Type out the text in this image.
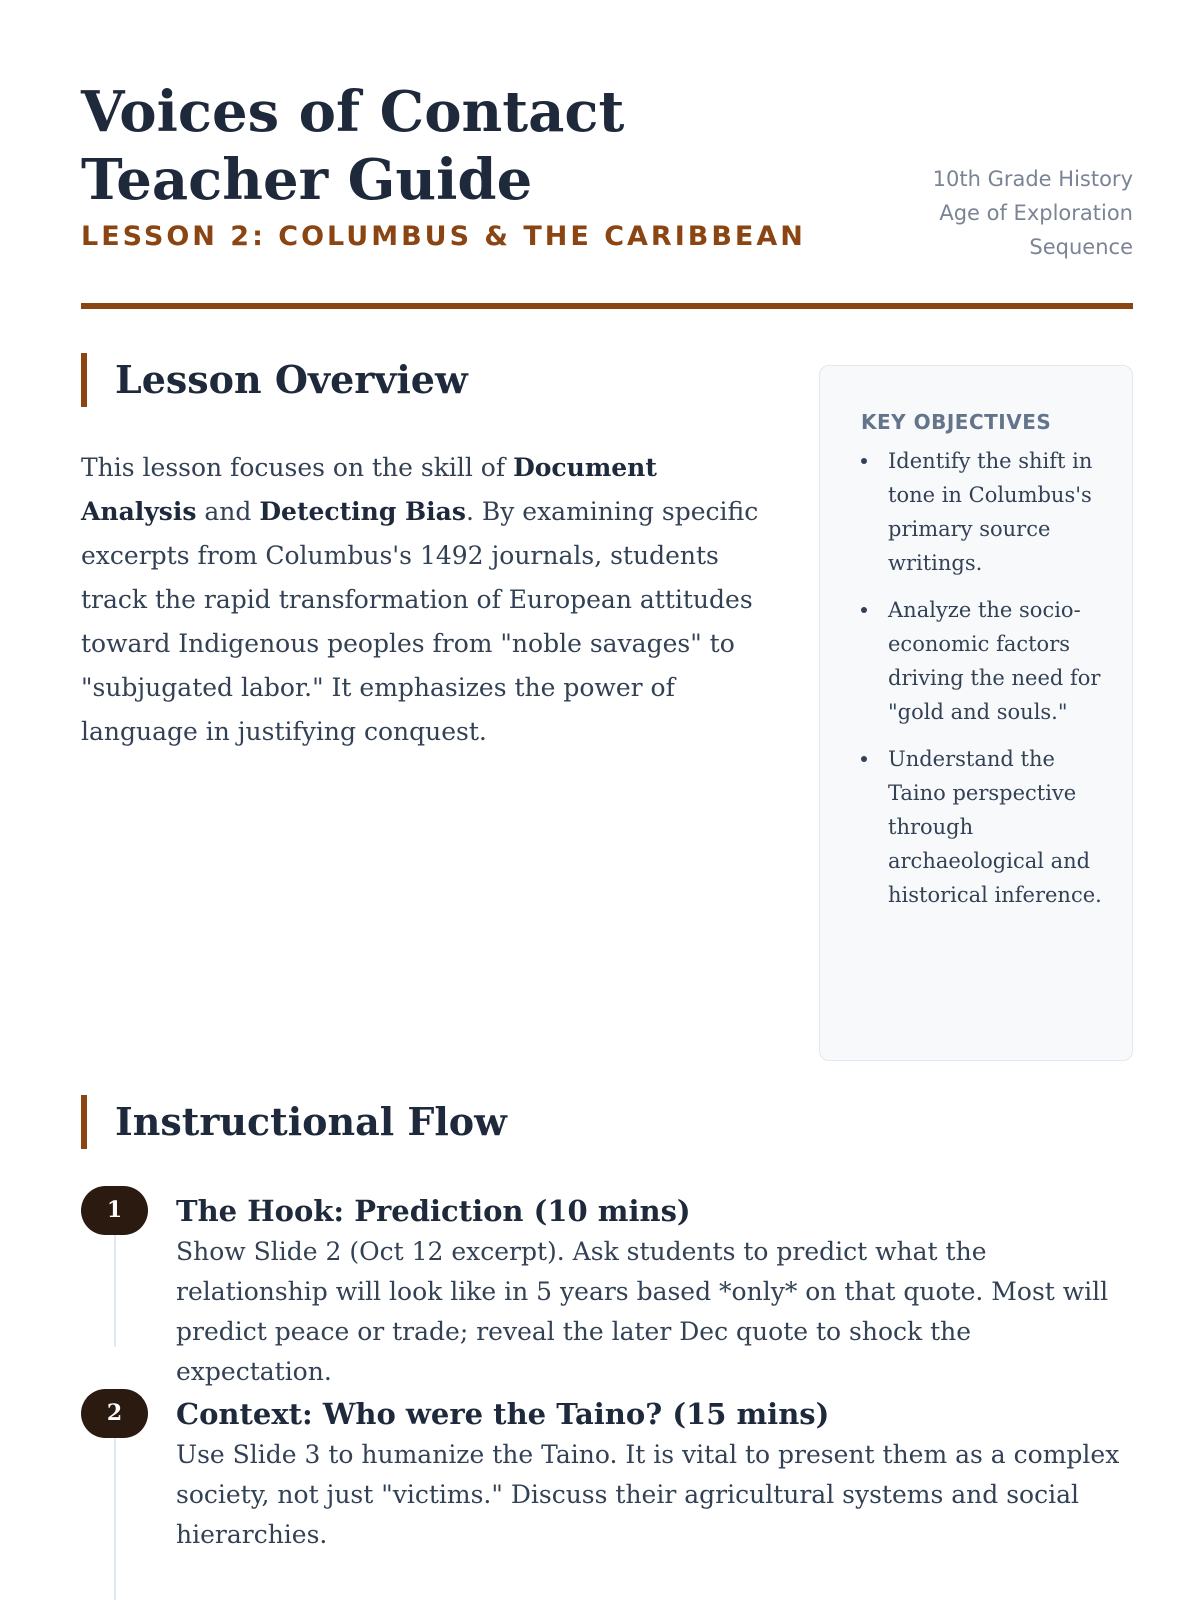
Voices of Contact
Teacher Guide
LESSON 2: COLUMBUS & THE CARIBBEAN
10th Grade History
Age of Exploration
Sequence
Lesson Overview

This lesson focuses on the skill of Document Analysis and Detecting Bias. By examining specific excerpts from Columbus's 1492 journals, students track the rapid transformation of European attitudes toward Indigenous peoples from "noble savages" to "subjugated labor." It emphasizes the power of language in justifying conquest.

KEY OBJECTIVES
Identify the shift in tone in Columbus's primary source writings.
Analyze the socio-economic factors driving the need for "gold and souls."
Understand the Taino perspective through archaeological and historical inference.
Instructional Flow
1	The Hook: Prediction (10 mins)

Show Slide 2 (Oct 12 excerpt). Ask students to predict what the relationship will look like in 5 years based *only* on that quote. Most will predict peace or trade; reveal the later Dec quote to shock the expectation.

2	Context: Who were the Taino? (15 mins)

Use Slide 3 to humanize the Taino. It is vital to present them as a complex society, not just "victims." Discuss their agricultural systems and social hierarchies.
